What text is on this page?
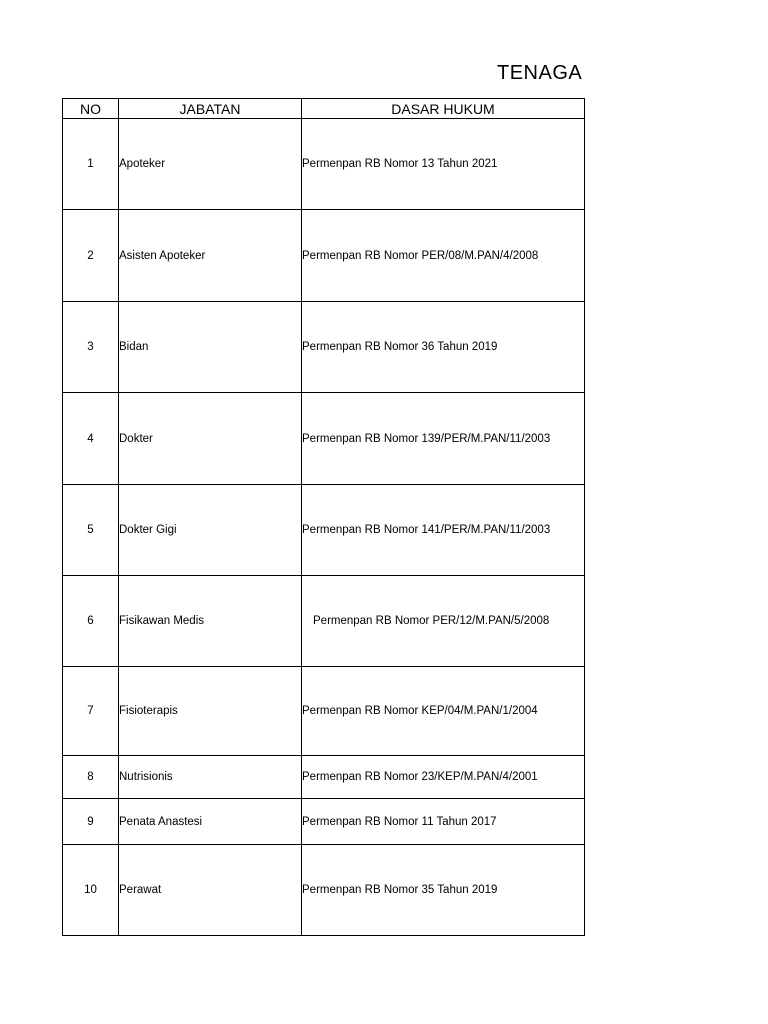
TENAGA
NO	JABATAN	DASAR HUKUM
1	Apoteker	Permenpan RB Nomor 13 Tahun 2021
2	Asisten Apoteker	Permenpan RB Nomor PER/08/M.PAN/4/2008
3	Bidan	Permenpan RB Nomor 36 Tahun 2019
4	Dokter	Permenpan RB Nomor 139/PER/M.PAN/11/2003
5	Dokter Gigi	Permenpan RB Nomor 141/PER/M.PAN/11/2003
6	Fisikawan Medis	Permenpan RB Nomor PER/12/M.PAN/5/2008
7	Fisioterapis	Permenpan RB Nomor KEP/04/M.PAN/1/2004
8	Nutrisionis	Permenpan RB Nomor 23/KEP/M.PAN/4/2001
9	Penata Anastesi	Permenpan RB Nomor 11 Tahun 2017
10	Perawat	Permenpan RB Nomor 35 Tahun 2019
